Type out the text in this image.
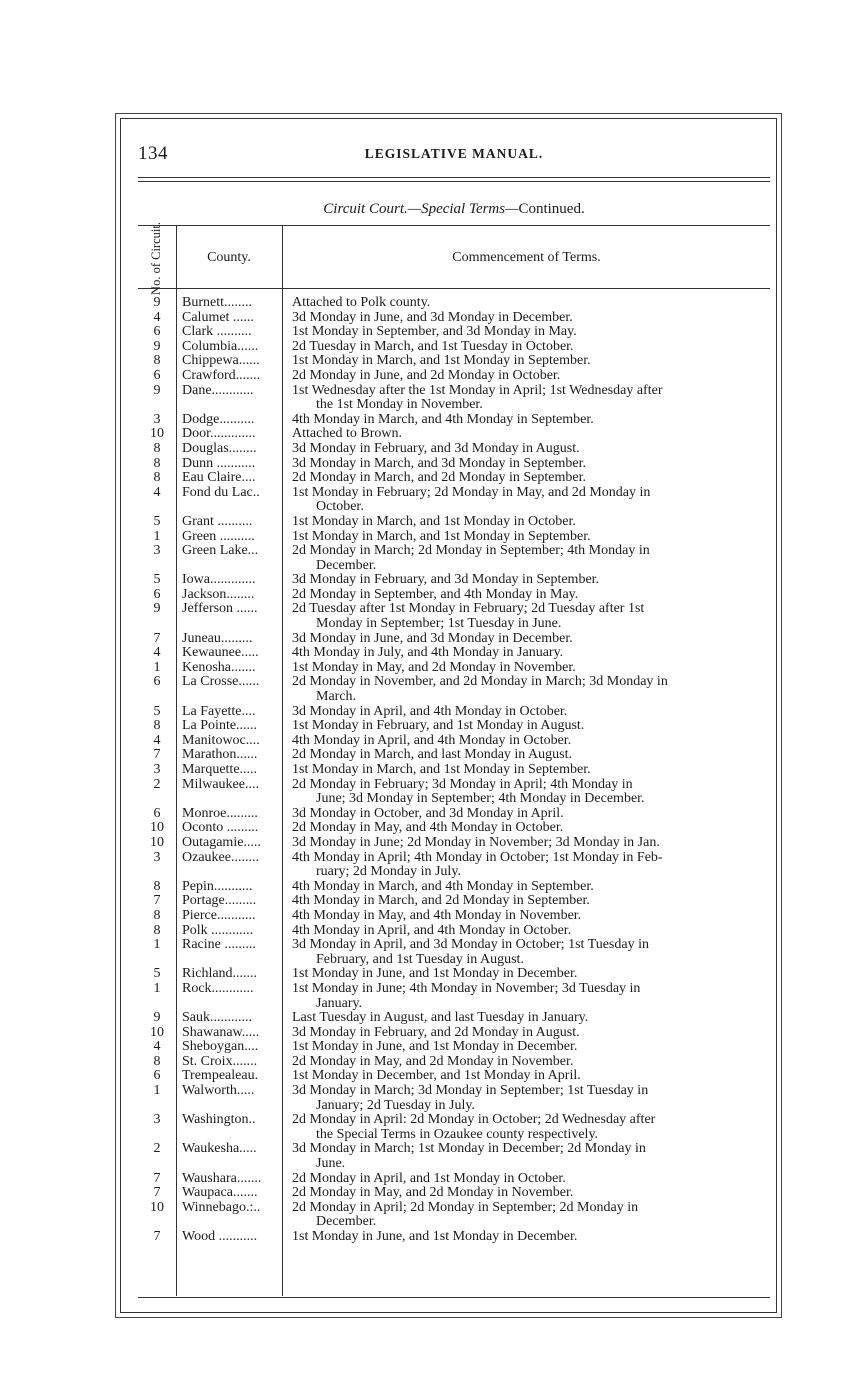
134	LEGISLATIVE MANUAL.
Circuit Court.—Special Terms—Continued.
No. of Circuit.	County.	Commencement of Terms.
9	Burnett........	Attached to Polk county.
4	Calumet ......	3d Monday in June, and 3d Monday in December.
6	Clark ..........	1st Monday in September, and 3d Monday in May.
9	Columbia......	2d Tuesday in March, and 1st Tuesday in October.
8	Chippewa......	1st Monday in March, and 1st Monday in September.
6	Crawford.......	2d Monday in June, and 2d Monday in October.
9	Dane............	1st Wednesday after the 1st Monday in April; 1st Wednesday after
the 1st Monday in November.
3	Dodge..........	4th Monday in March, and 4th Monday in September.
10	Door.............	Attached to Brown.
8	Douglas........	3d Monday in February, and 3d Monday in August.
8	Dunn ...........	3d Monday in March, and 3d Monday in September.
8	Eau Claire....	2d Monday in March, and 2d Monday in September.
4	Fond du Lac..	1st Monday in February; 2d Monday in May, and 2d Monday in
October.
5	Grant ..........	1st Monday in March, and 1st Monday in October.
1	Green ..........	1st Monday in March, and 1st Monday in September.
3	Green Lake...	2d Monday in March; 2d Monday in September; 4th Monday in
December.
5	Iowa.............	3d Monday in February, and 3d Monday in September.
6	Jackson........	2d Monday in September, and 4th Monday in May.
9	Jefferson ......	2d Tuesday after 1st Monday in February; 2d Tuesday after 1st
Monday in September; 1st Tuesday in June.
7	Juneau.........	3d Monday in June, and 3d Monday in December.
4	Kewaunee.....	4th Monday in July, and 4th Monday in January.
1	Kenosha.......	1st Monday in May, and 2d Monday in November.
6	La Crosse......	2d Monday in November, and 2d Monday in March; 3d Monday in
March.
5	La Fayette....	3d Monday in April, and 4th Monday in October.
8	La Pointe......	1st Monday in February, and 1st Monday in August.
4	Manitowoc....	4th Monday in April, and 4th Monday in October.
7	Marathon......	2d Monday in March, and last Monday in August.
3	Marquette.....	1st Monday in March, and 1st Monday in September.
2	Milwaukee....	2d Monday in February; 3d Monday in April; 4th Monday in
June; 3d Monday in September; 4th Monday in December.
6	Monroe.........	3d Monday in October, and 3d Monday in April.
10	Oconto .........	2d Monday in May, and 4th Monday in October.
10	Outagamie.....	3d Monday in June; 2d Monday in November; 3d Monday in Jan.
3	Ozaukee........	4th Monday in April; 4th Monday in October; 1st Monday in Feb-
ruary; 2d Monday in July.
8	Pepin...........	4th Monday in March, and 4th Monday in September.
7	Portage.........	4th Monday in March, and 2d Monday in September.
8	Pierce...........	4th Monday in May, and 4th Monday in November.
8	Polk ............	4th Monday in April, and 4th Monday in October.
1	Racine .........	3d Monday in April, and 3d Monday in October; 1st Tuesday in
February, and 1st Tuesday in August.
5	Richland.......	1st Monday in June, and 1st Monday in December.
1	Rock............	1st Monday in June; 4th Monday in November; 3d Tuesday in
January.
9	Sauk............	Last Tuesday in August, and last Tuesday in January.
10	Shawanaw.....	3d Monday in February, and 2d Monday in August.
4	Sheboygan....	1st Monday in June, and 1st Monday in December.
8	St. Croix.......	2d Monday in May, and 2d Monday in November.
6	Trempealeau.	1st Monday in December, and 1st Monday in April.
1	Walworth.....	3d Monday in March; 3d Monday in September; 1st Tuesday in
January; 2d Tuesday in July.
3	Washington..	2d Monday in April: 2d Monday in October; 2d Wednesday after
the Special Terms in Ozaukee county respectively.
2	Waukesha.....	3d Monday in March; 1st Monday in December; 2d Monday in
June.
7	Waushara.......	2d Monday in April, and 1st Monday in October.
7	Waupaca.......	2d Monday in May, and 2d Monday in November.
10	Winnebago.:..	2d Monday in April; 2d Monday in September; 2d Monday in
December.
7	Wood ...........	1st Monday in June, and 1st Monday in December.
